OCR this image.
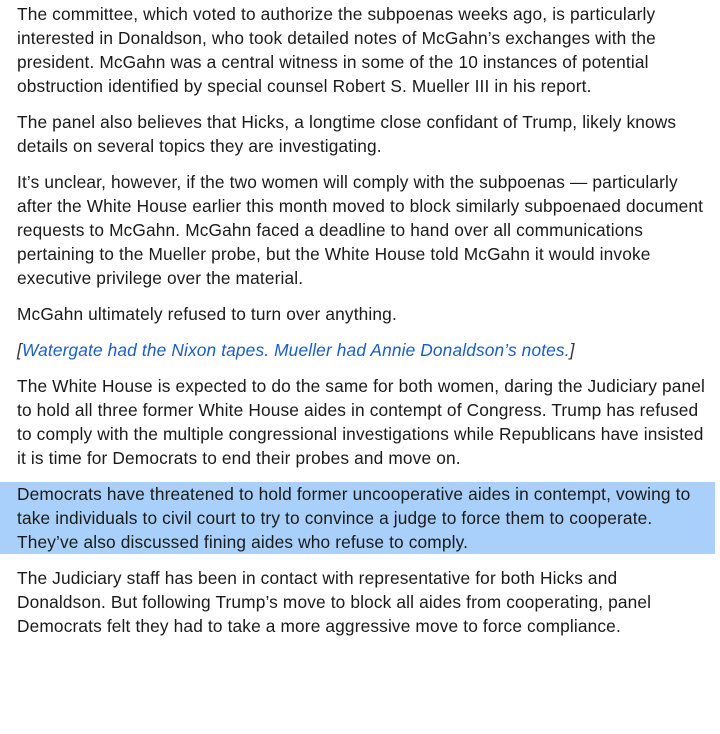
The committee, which voted to authorize the subpoenas weeks ago, is particularly interested in Donaldson, who took detailed notes of McGahn’s exchanges with the president. McGahn was a central witness in some of the 10 instances of potential obstruction identified by special counsel Robert S. Mueller III in his report.

The panel also believes that Hicks, a longtime close confidant of Trump, likely knows details on several topics they are investigating.

It’s unclear, however, if the two women will comply with the subpoenas — particularly after the White House earlier this month moved to block similarly subpoenaed document requests to McGahn. McGahn faced a deadline to hand over all communications pertaining to the Mueller probe, but the White House told McGahn it would invoke executive privilege over the material.

McGahn ultimately refused to turn over anything.

[Watergate had the Nixon tapes. Mueller had Annie Donaldson’s notes.]

The White House is expected to do the same for both women, daring the Judiciary panel to hold all three former White House aides in contempt of Congress. Trump has refused to comply with the multiple congressional investigations while Republicans have insisted it is time for Democrats to end their probes and move on.

Democrats have threatened to hold former uncooperative aides in contempt, vowing to take individuals to civil court to try to convince a judge to force them to cooperate. They’ve also discussed fining aides who refuse to comply.

The Judiciary staff has been in contact with representative for both Hicks and Donaldson. But following Trump’s move to block all aides from cooperating, panel Democrats felt they had to take a more aggressive move to force compliance.
